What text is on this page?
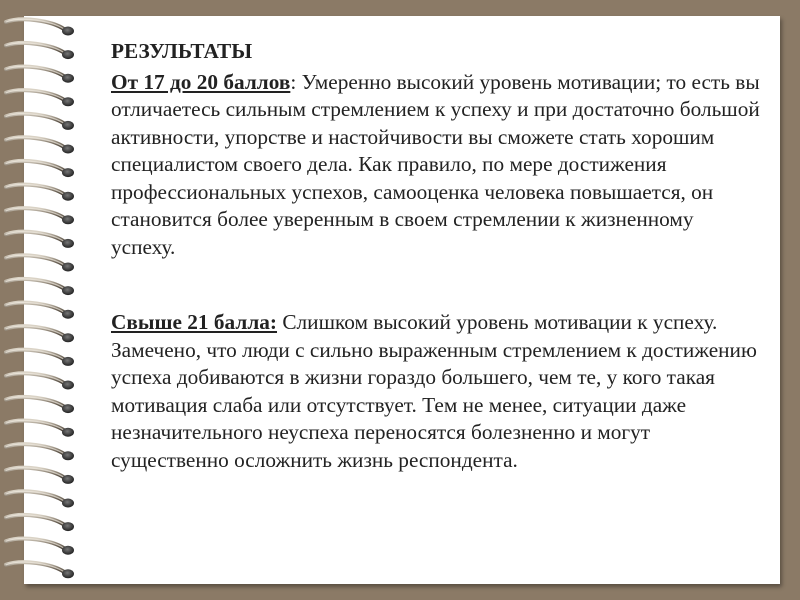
РЕЗУЛЬТАТЫ

От 17 до 20 баллов: Умеренно высокий уровень мотивации; то есть вы отличаетесь сильным стремлением к успеху и при достаточно большой активности, упорстве и настойчивости вы сможете стать хорошим специалистом своего дела. Как правило, по мере достижения профессиональных успехов, самооценка человека повышается, он становится более уверенным в своем стремлении к жизненному успеху.

Свыше 21 балла: Слишком высокий уровень мотивации к успеху. Замечено, что люди с сильно выраженным стремлением к достижению успеха добиваются в жизни гораздо большего, чем те, у кого такая мотивация слаба или отсутствует. Тем не менее, ситуации даже незначительного неуспеха переносятся болезненно и могут существенно осложнить жизнь респондента.
